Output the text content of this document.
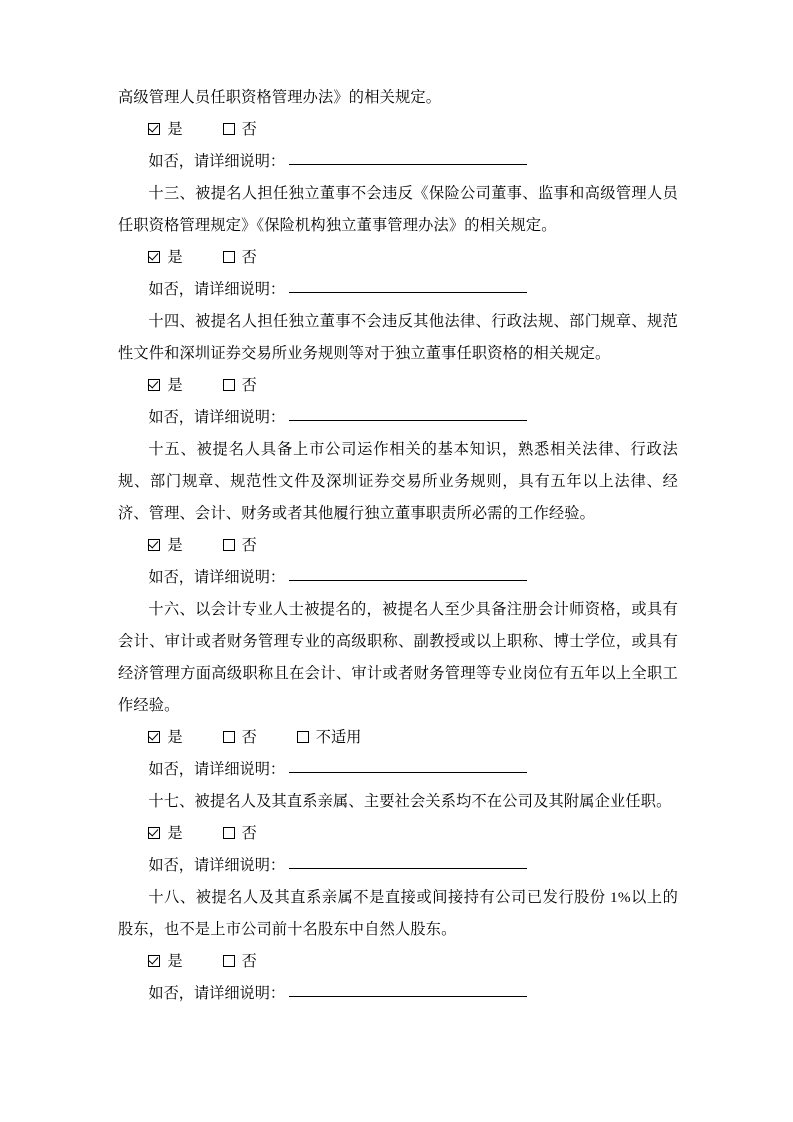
高级管理人员任职资格管理办法》的相关规定。

是	否
如否，请详细说明：

十三、被提名人担任独立董事不会违反《保险公司董事、监事和高级管理人员任职资格管理规定》《保险机构独立董事管理办法》的相关规定。

是	否
如否，请详细说明：

十四、被提名人担任独立董事不会违反其他法律、行政法规、部门规章、规范性文件和深圳证券交易所业务规则等对于独立董事任职资格的相关规定。

是	否
如否，请详细说明：

十五、被提名人具备上市公司运作相关的基本知识，熟悉相关法律、行政法规、部门规章、规范性文件及深圳证券交易所业务规则，具有五年以上法律、经济、管理、会计、财务或者其他履行独立董事职责所必需的工作经验。

是	否
如否，请详细说明：

十六、以会计专业人士被提名的，被提名人至少具备注册会计师资格，或具有会计、审计或者财务管理专业的高级职称、副教授或以上职称、博士学位，或具有经济管理方面高级职称且在会计、审计或者财务管理等专业岗位有五年以上全职工作经验。

是	否	不适用
如否，请详细说明：

十七、被提名人及其直系亲属、主要社会关系均不在公司及其附属企业任职。

是	否
如否，请详细说明：

十八、被提名人及其直系亲属不是直接或间接持有公司已发行股份 1%以上的股东，也不是上市公司前十名股东中自然人股东。

是	否
如否，请详细说明：
